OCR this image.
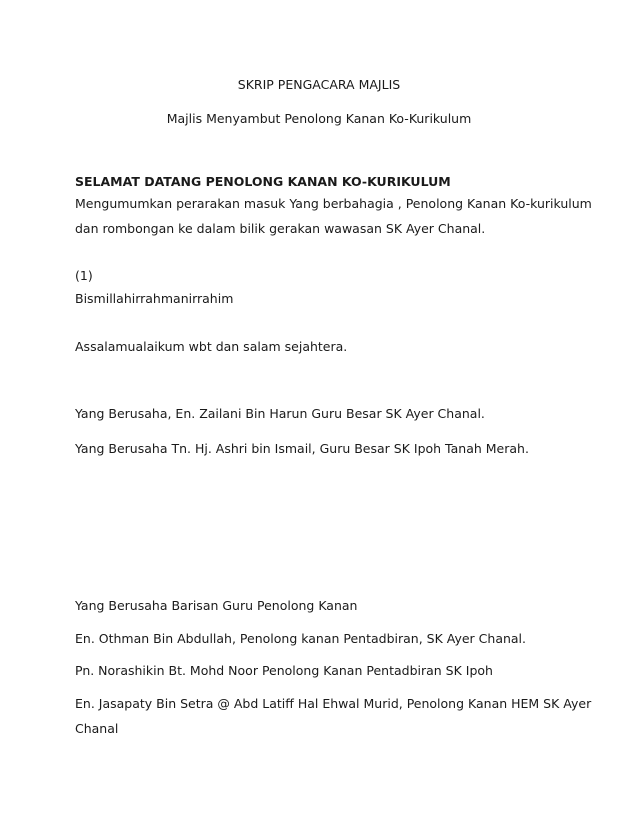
SKRIP PENGACARA MAJLIS
Majlis Menyambut Penolong Kanan Ko-Kurikulum
SELAMAT DATANG PENOLONG KANAN KO-KURIKULUM
Mengumumkan perarakan masuk Yang berbahagia , Penolong Kanan Ko-kurikulum
dan rombongan ke dalam bilik gerakan wawasan SK Ayer Chanal.
(1)
Bismillahirrahmanirrahim
Assalamualaikum wbt dan salam sejahtera.
Yang Berusaha, En. Zailani Bin Harun Guru Besar SK Ayer Chanal.
Yang Berusaha Tn. Hj. Ashri bin Ismail, Guru Besar SK Ipoh Tanah Merah.
Yang Berusaha Barisan Guru Penolong Kanan
En. Othman Bin Abdullah, Penolong kanan Pentadbiran, SK Ayer Chanal.
Pn. Norashikin Bt. Mohd Noor Penolong Kanan Pentadbiran SK Ipoh
En. Jasapaty Bin Setra @ Abd Latiff Hal Ehwal Murid, Penolong Kanan HEM SK Ayer
Chanal
